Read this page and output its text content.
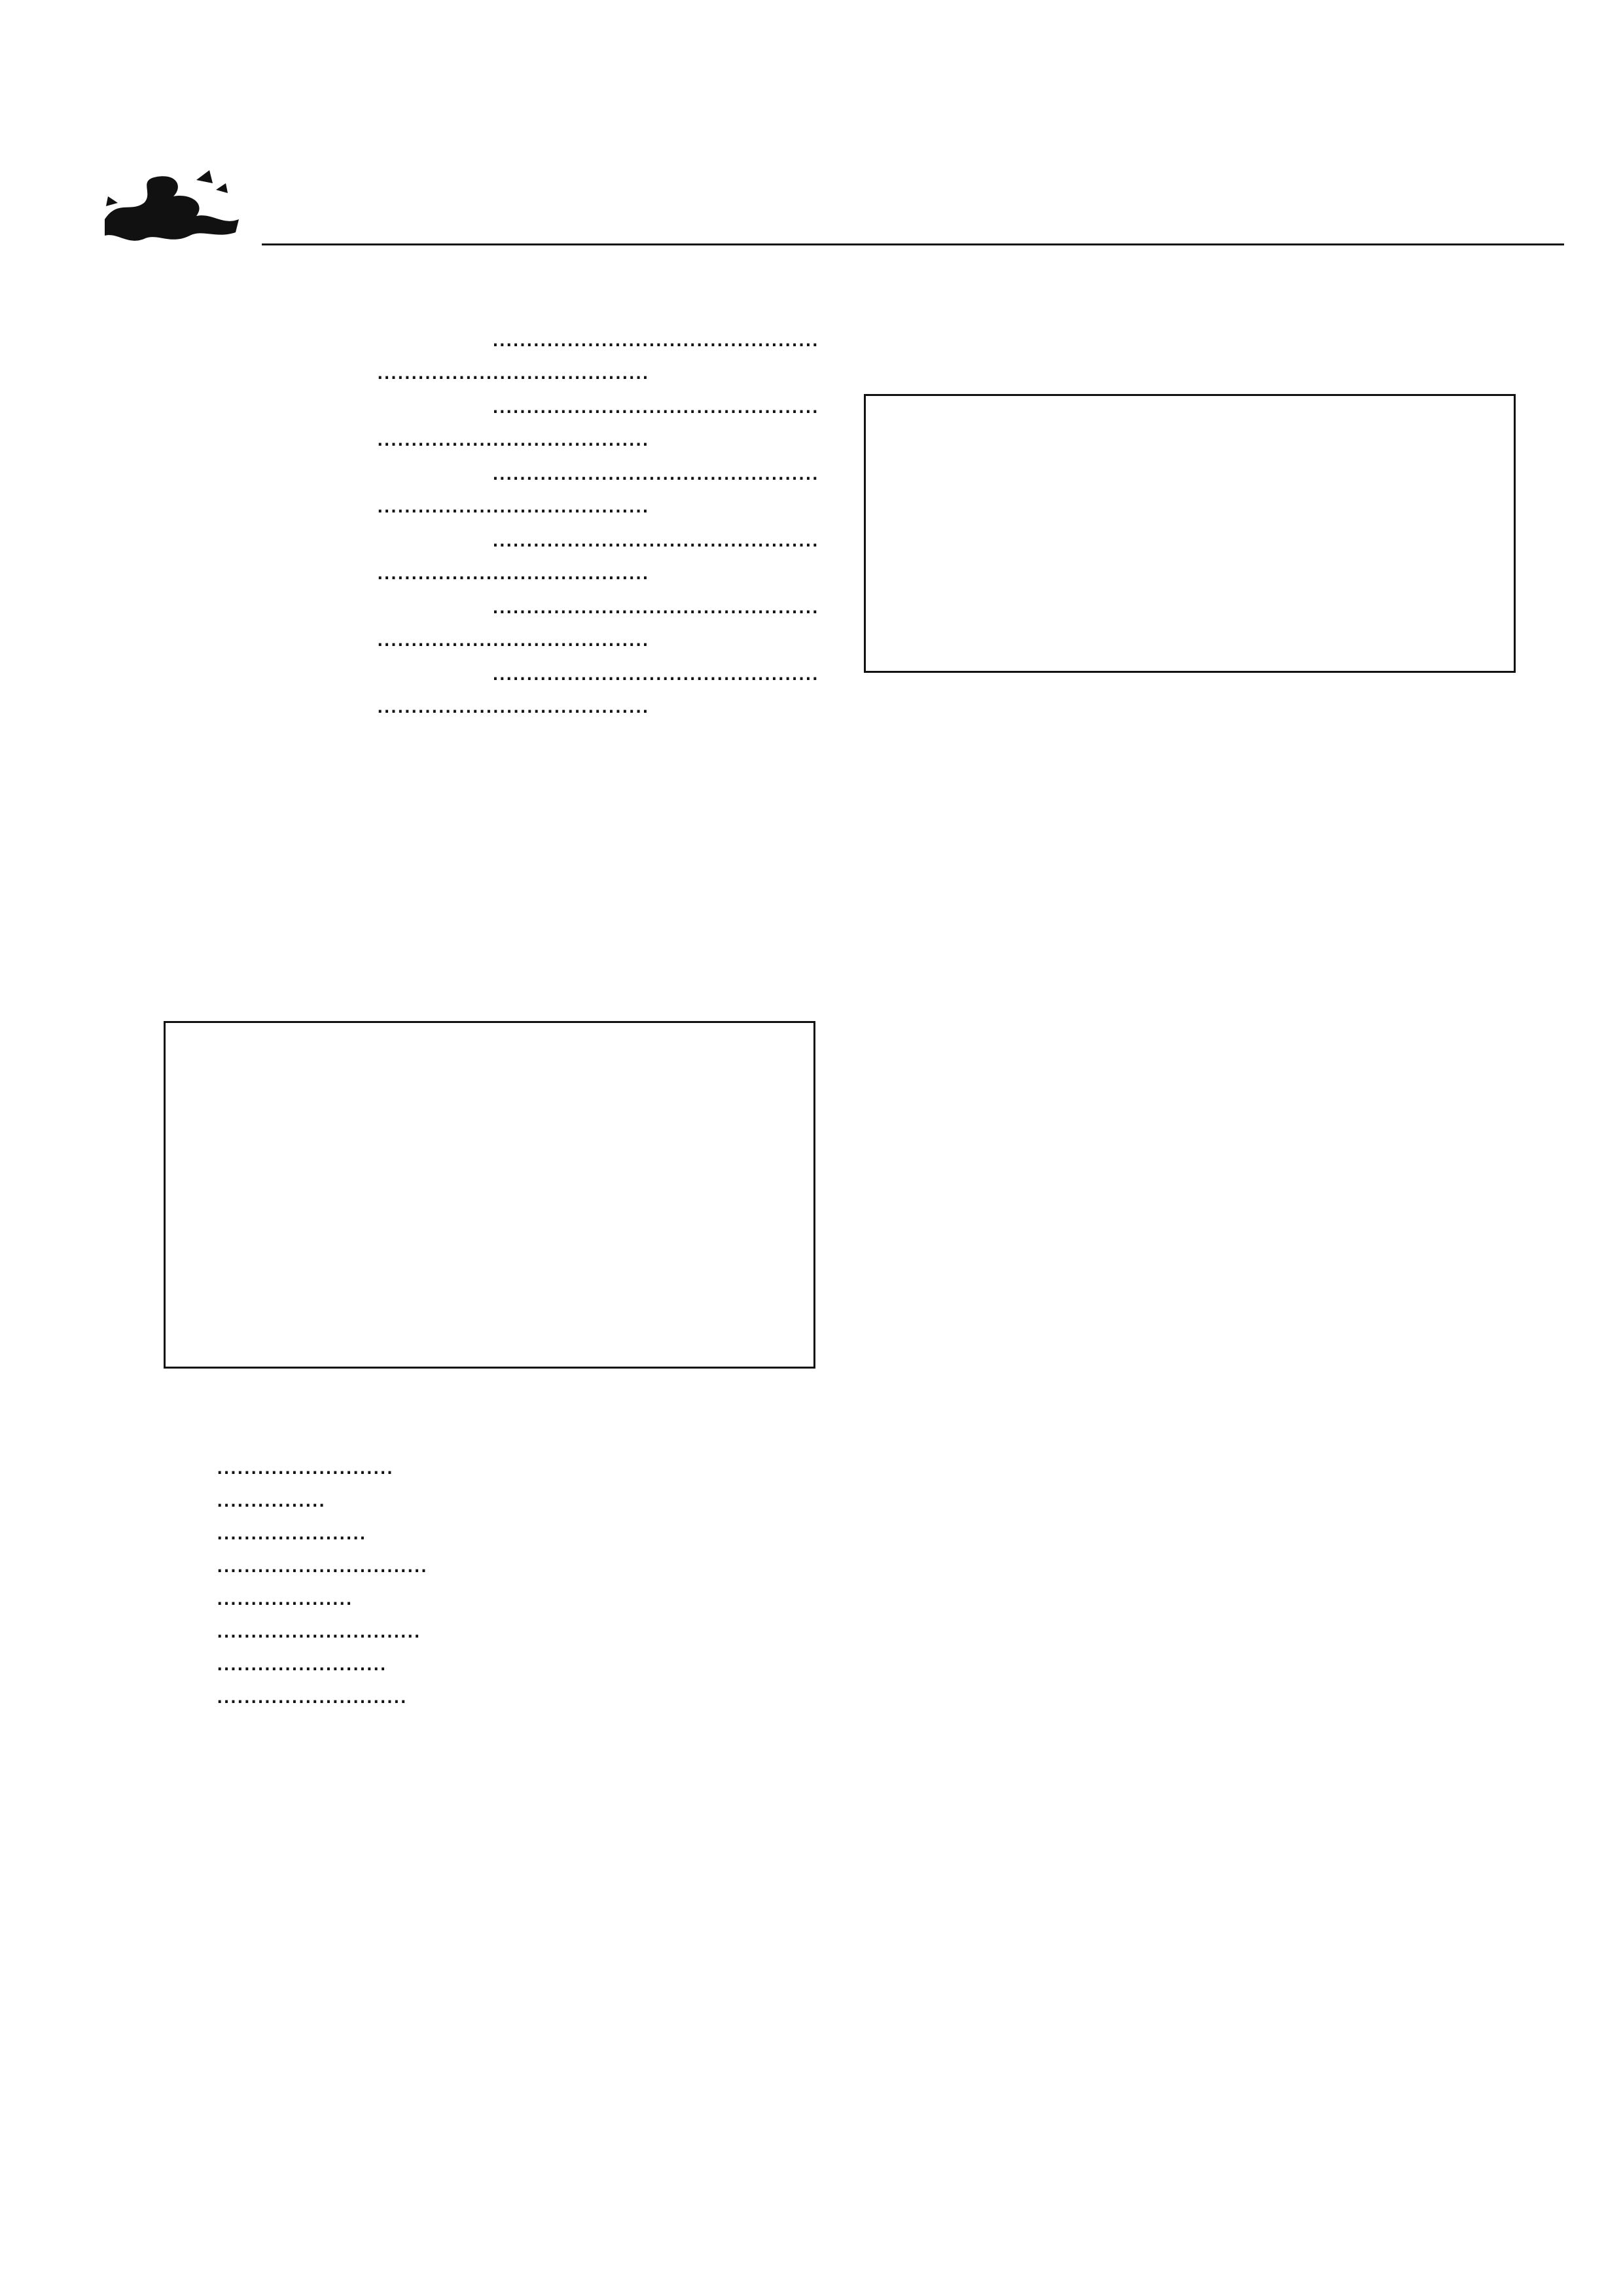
................................................
........................................
................................................
........................................
................................................
........................................
................................................
........................................
................................................
........................................
................................................
........................................

..........................
................
......................
...............................
....................
..............................
.........................
............................
